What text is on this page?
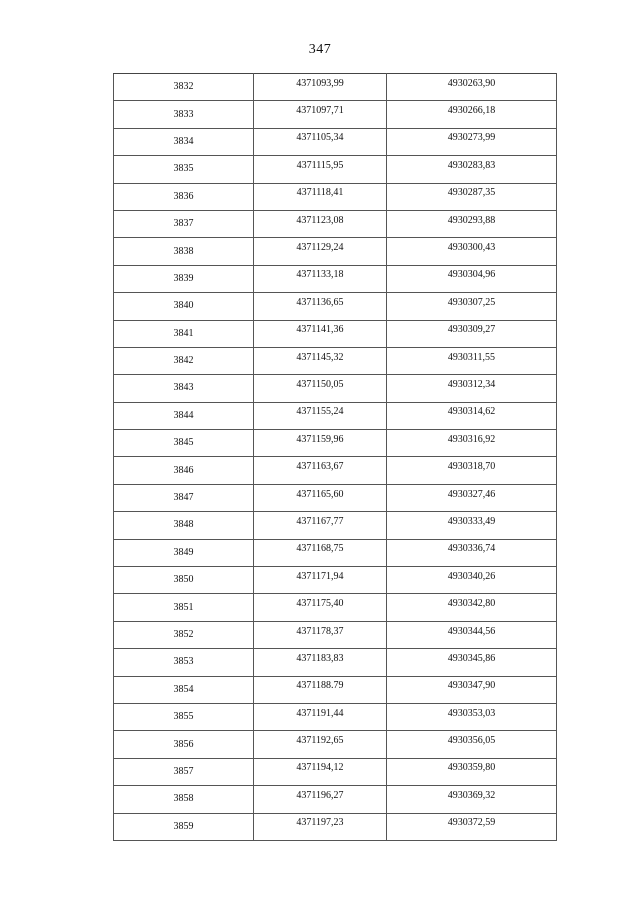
347
3832	4371093,99	4930263,90
3833	4371097,71	4930266,18
3834	4371105,34	4930273,99
3835	4371115,95	4930283,83
3836	4371118,41	4930287,35
3837	4371123,08	4930293,88
3838	4371129,24	4930300,43
3839	4371133,18	4930304,96
3840	4371136,65	4930307,25
3841	4371141,36	4930309,27
3842	4371145,32	4930311,55
3843	4371150,05	4930312,34
3844	4371155,24	4930314,62
3845	4371159,96	4930316,92
3846	4371163,67	4930318,70
3847	4371165,60	4930327,46
3848	4371167,77	4930333,49
3849	4371168,75	4930336,74
3850	4371171,94	4930340,26
3851	4371175,40	4930342,80
3852	4371178,37	4930344,56
3853	4371183,83	4930345,86
3854	4371188.79	4930347,90
3855	4371191,44	4930353,03
3856	4371192,65	4930356,05
3857	4371194,12	4930359,80
3858	4371196,27	4930369,32
3859	4371197,23	4930372,59
